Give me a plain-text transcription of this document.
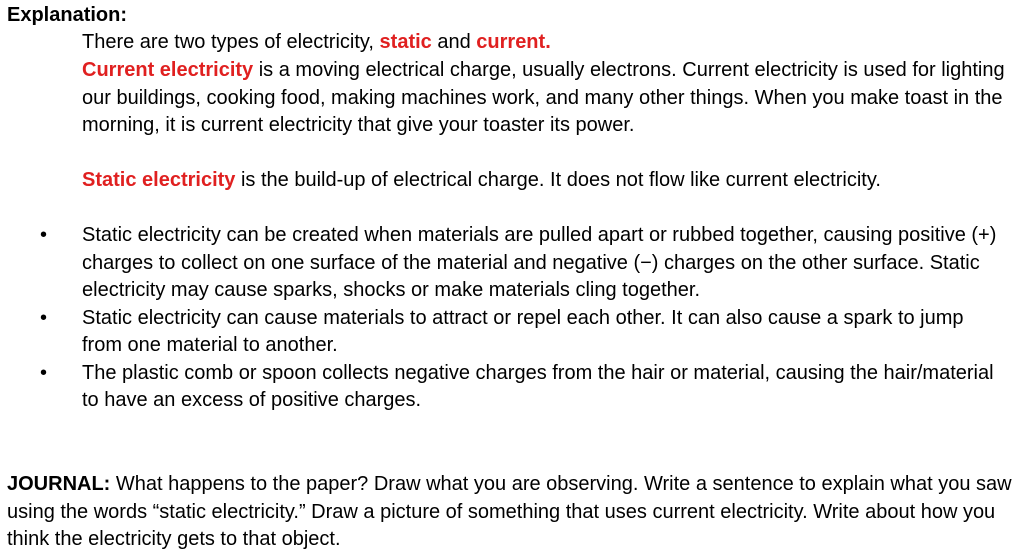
Explanation:

There are two types of electricity, static and current.

Current electricity is a moving electrical charge, usually electrons. Current electricity is used for lighting our buildings, cooking food, making machines work, and many other things. When you make toast in the morning, it is current electricity that give your toaster its power.

Static electricity is the build-up of electrical charge. It does not flow like current electricity.

• Static electricity can be created when materials are pulled apart or rubbed together, causing positive (+) charges to collect on one surface of the material and negative (−) charges on the other surface. Static electricity may cause sparks, shocks or make materials cling together.
• Static electricity can cause materials to attract or repel each other. It can also cause a spark to jump from one material to another.
• The plastic comb or spoon collects negative charges from the hair or material, causing the hair/material to have an excess of positive charges.

JOURNAL: What happens to the paper? Draw what you are observing. Write a sentence to explain what you saw using the words “static electricity.” Draw a picture of something that uses current electricity. Write about how you think the electricity gets to that object.
